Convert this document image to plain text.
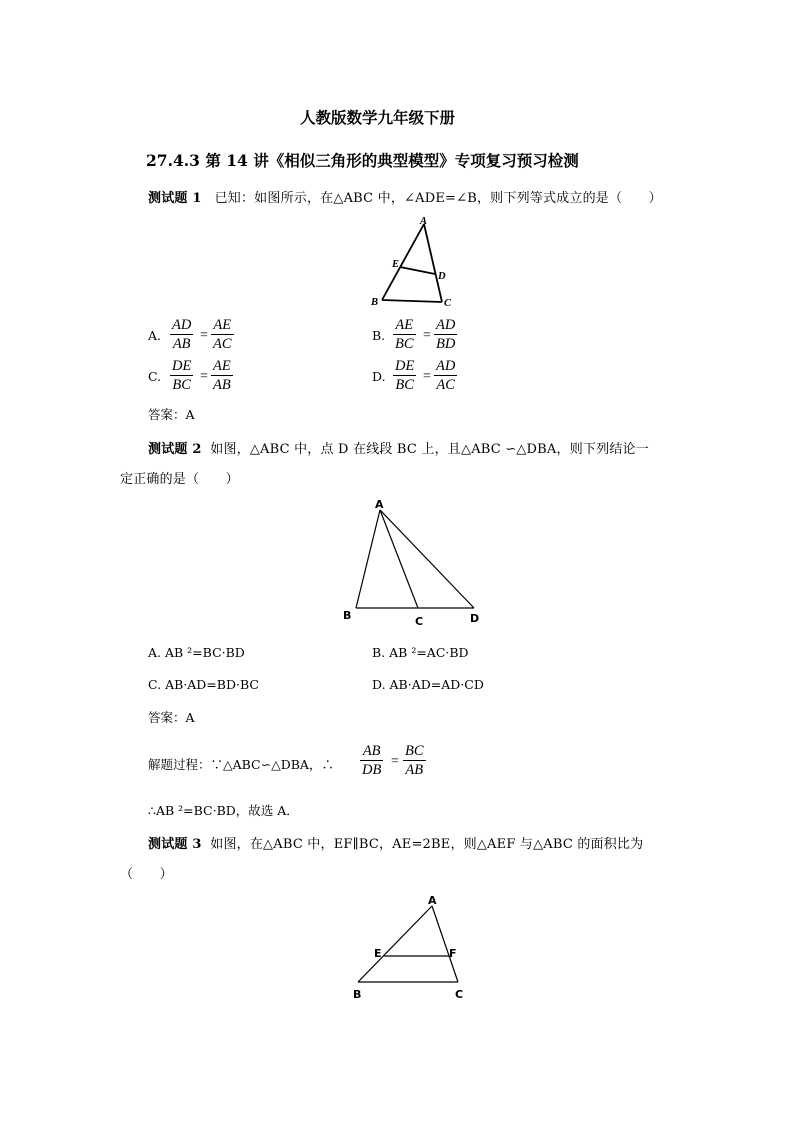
人教版数学九年级下册
27.4.3 第 14 讲《相似三角形的典型模型》专项复习预习检测
测试题 1 已知：如图所示，在△ABC 中，∠ADE=∠B，则下列等式成立的是（　　）
A
E
D
B	C
A. $\frac{AD}{AB} = \frac{AE}{AC}$	B. $\frac{AE}{BC} = \frac{AD}{BD}$
C. $\frac{DE}{BC} = \frac{AE}{AB}$	D. $\frac{DE}{BC} = \frac{AD}{AC}$
答案：A
测试题 2 如图，△ABC 中，点 D 在线段 BC 上，且△ABC ∽△DBA，则下列结论一
定正确的是（　　）
A
B	C	D
A. AB ²=BC·BD	B. AB ²=AC·BD
C. AB·AD=BD·BC	D. AB·AD=AD·CD
答案：A
解题过程：∵△ABC∽△DBA，∴ $\frac{AB}{DB} = \frac{BC}{AB}$
∴AB ²=BC·BD，故选 A．
测试题 3 如图，在△ABC 中，EF∥BC，AE=2BE，则△AEF 与△ABC 的面积比为
（　　）
A
E	F
B	C
